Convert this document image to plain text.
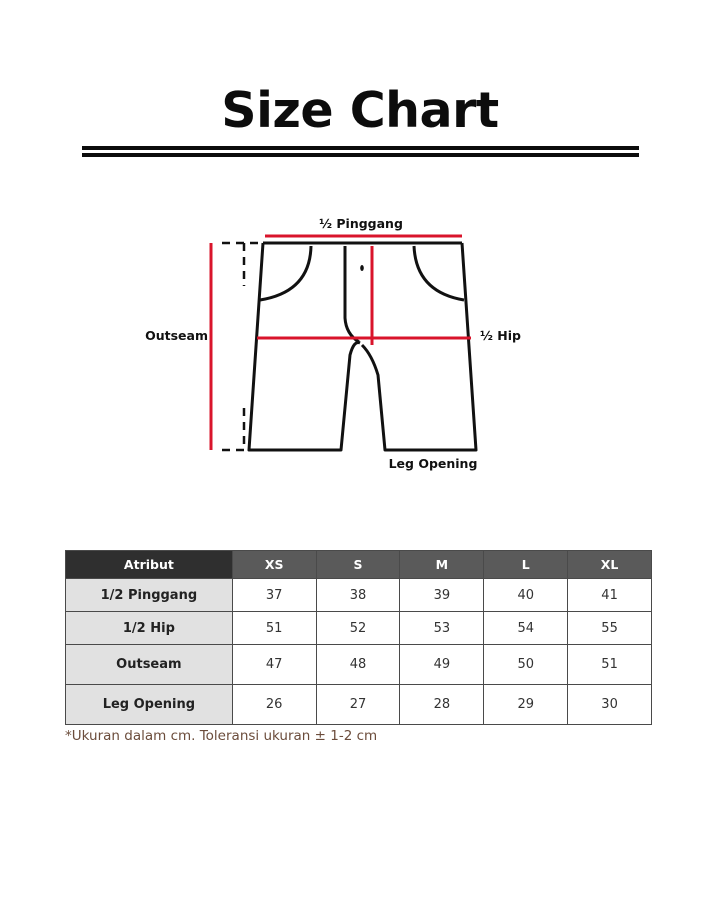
Size Chart
½ Pinggang
Outseam	½ Hip
Leg Opening
Atribut	XS	S	M	L	XL
1/2 Pinggang	37	38	39	40	41
1/2 Hip	51	52	53	54	55
Outseam	47	48	49	50	51
Leg Opening	26	27	28	29	30
*Ukuran dalam cm. Toleransi ukuran ± 1-2 cm
